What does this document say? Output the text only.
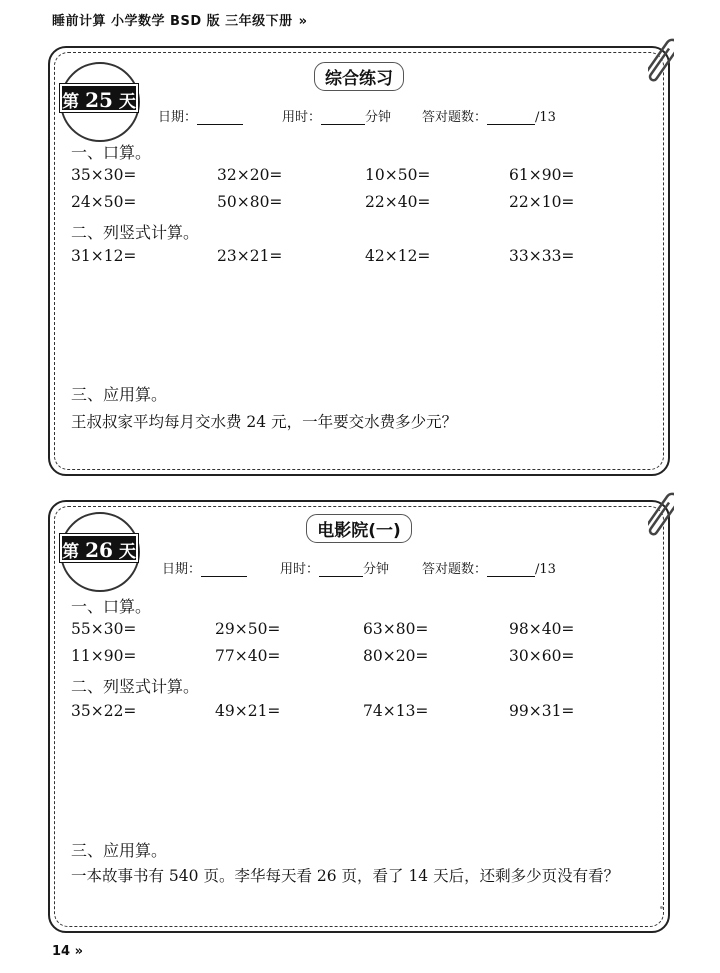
睡前计算 小学数学 BSD 版 三年级下册 »
第 25 天
综合练习
日期：	用时：	分钟 答对题数：	/13
一、口算。
35×30=	32×20=	10×50=	61×90=
24×50=	50×80=	22×40=	22×10=
二、列竖式计算。
31×12=	23×21=	42×12=	33×33=
三、应用算。
王叔叔家平均每月交水费 24 元，一年要交水费多少元？
第 26 天
电影院(一)
日期：	用时：	分钟	答对题数：	/13
一、口算。
55×30=	29×50=	63×80=	98×40=
11×90=	77×40=	80×20=	30×60=
二、列竖式计算。
35×22=	49×21=	74×13=	99×31=
三、应用算。
一本故事书有 540 页。李华每天看 26 页，看了 14 天后，还剩多少页没有看？
14 »
